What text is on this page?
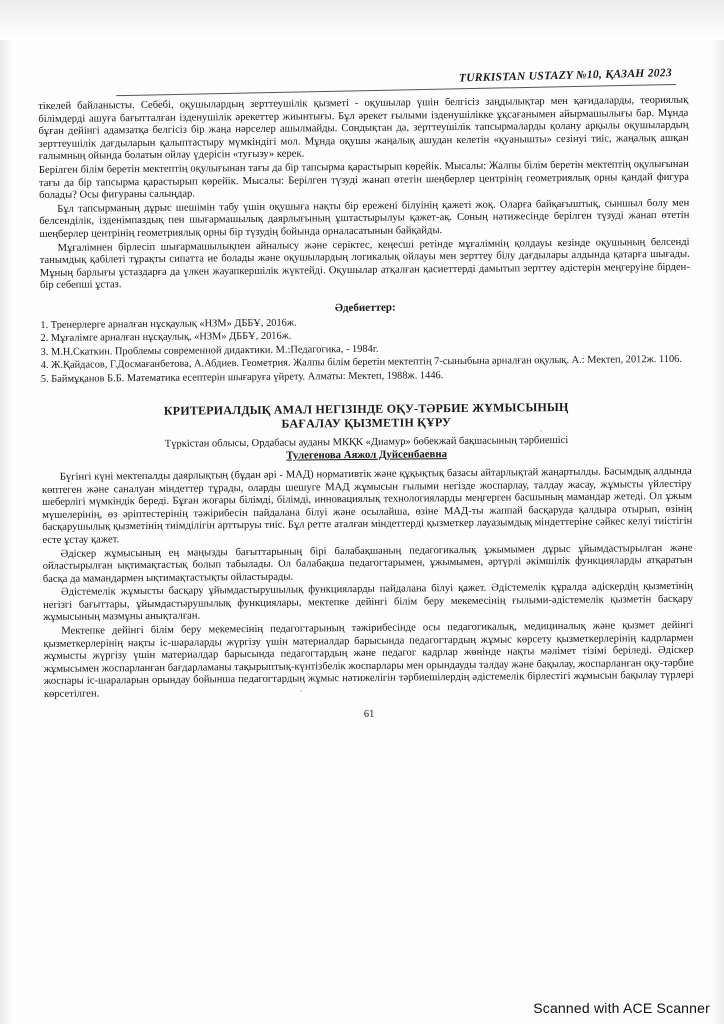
TURKISTAN USTAZY №10, ҚАЗАН 2023

тікелей байланысты. Себебі, оқушылардың зерттеушілік қызметі - оқушылар үшін белгісіз заңдылықтар мен қағидаларды, теориялық білімдерді ашуға бағытталған ізденушілік әрекеттер жиынтығы. Бұл әрекет ғылыми ізденушілікке ұқсағанымен айырмашылығы бар. Мұнда бұған дейінгі адамзатқа белгісіз бір жаңа нәрселер ашылмайды. Сондықтан да, зерттеушілік тапсырмаларды қолану арқылы оқушылардың зерттеушілік дағдыларын қалыптастыру мүмкіндігі мол. Мұнда оқушы жаңалық ашудан келетін «қуанышты» сезінуі тиіс, жаңалық ашқан ғалымның ойында болатын ойлау үдерісін «туғызу» керек.

Берілген білім беретін мектептің оқулығынан тағы да бір тапсырма қарастырып көрейік. Мысалы: Жалпы білім беретін мектептің оқулығынан тағы да бір тапсырма қарастырып көрейік. Мысалы: Берілген түзуді жанап өтетін шеңберлер центрінің геометриялық орны қандай фигура болады? Осы фигураны салыңдар.

Бұл тапсырманың дұрыс шешімін табу үшін оқушыға нақты бір ережені білуінің қажеті жоқ. Оларға байқағыштық, сыншыл болу мен белсенділік, ізденімпаздық пен шығармашылық даярлығының ұштастырылуы қажет-ақ. Соның нәтижесінде берілген түзуді жанап өтетін шеңберлер центрінің геометриялық орны бір түзудің бойында орналасатынын байқайды.

Мұғалімнен бірлесіп шығармашылықпен айналысу және серіктес, кеңесші ретінде мұғалімнің қолдауы кезінде оқушының белсенді танымдық қабілеті тұрақты сипатта ие болады және оқушылардың логикалық ойлауы мен зерттеу білу дағдылары алдында қатарға шығады. Мұның барлығы ұстаздарға да үлкен жауапкершілік жүктейді. Оқушылар атқалған қасиеттерді дамытып зерттеу әдістерін меңгеруіне бірден-бір себепші ұстаз.

Әдебиеттер:

1. Тренерлерге арналған нұсқаулық «НЗМ» ДББҰ, 2016ж.

2. Мұғалімге арналған нұсқаулық, «НЗМ» ДББҰ, 2016ж.

3. М.Н.Скаткин. Проблемы современной дидактики. М.:Педагогика, - 1984г.

4. Ж.Қайдасов, Г.Досмағанбетова, А.Абдиев. Геометрия. Жалпы білім беретін мектептің 7-сыныбына арналған оқулық. А.: Мектеп, 2012ж. 1106.

5. Баймұқанов Б.Б. Математика есептерін шығаруға үйрету. Алматы: Мектеп, 1988ж. 1446.

КРИТЕРИАЛДЫҚ АМАЛ НЕГІЗІНДЕ ОҚУ-ТӘРБИЕ ЖҰМЫСЫНЫҢ
БАҒАЛАУ ҚЫЗМЕТІН ҚҰРУ
Түркістан облысы, Ордабасы ауданы МКҚК «Диамур» бөбекжай бақшасының тәрбиешісі
Тулегенова Аяжол Дуйсенбаевна

Бүгінгі күні мектепалды даярлықтың (бұдан әрі - МАД) нормативтік және құқықтық базасы айтарлықтай жаңартылды. Басымдық алдында көптеген және саналуан міндеттер тұрады, оларды шешуге МАД жұмысын ғылыми негізде жоспарлау, талдау жасау, жұмысты үйлестіру шеберлігі мүмкіндік береді. Бұған жоғары білімді, білімді, инновациялық технологияларды меңгерген басшының мамандар жетеді. Ол ұжым мүшелерінің, өз әріптестерінің тәжірибесін пайдалана білуі және осылайша, өзіне МАД-ты жаппай басқаруда қалдыра отырып, өзінің басқарушылық қызметінің тиімділігін арттыруы тиіс. Бұл ретте аталған міндеттерді қызметкер лауазымдық міндеттеріне сәйкес келуі тиістігін есте ұстау қажет.

Әдіскер жұмысының ең маңызды бағыттарының бірі балабақшаның педагогикалық ұжымымен дұрыс ұйымдастырылған және ойластырылған ықтимақтастық болып табылады. Ол балабақша педагогтарымен, ұжымымен, әртүрлі әкімшілік функцияларды атқаратын басқа да мамандармен ықтимақтастықты ойластырады.

Әдістемелік жұмысты басқару ұйымдастырушылық функцияларды пайдалана білуі қажет. Әдістемелік құралда әдіскердің қызметінің негізгі бағыттары, ұйымдастырушылық функциялары, мектепке дейінгі білім беру мекемесінің ғылыми-әдістемелік қызметін басқару жұмысының мазмұны анықталған.

Мектепке дейінгі білім беру мекемесінің педагогтарының тәжірибесінде осы педагогикалық, медициналық және қызмет дейінгі қызметкерлерінің нақты іс-шараларды жүргізу үшін материалдар барысында педагогтардың жұмыс көрсету қызметкерлерінің кадрлармен жұмысты жүргізу үшін материалдар барысында педагогтардың және педагог кадрлар жөнінде нақты мәлімет тізімі беріледі. Әдіскер жұмысымен жоспарланған бағдарламаны тақырыптық-күнтізбелік жоспарлары мен орындауды талдау және бақылау, жоспарланған оқу-тәрбие жоспары іс-шараларын орындау бойынша педагогтардың жұмыс нәтижелігін тәрбиешілердің әдістемелік бірлестігі жұмысын бақылау түрлері көрсетілген.

61
Scanned with ACE Scanner
